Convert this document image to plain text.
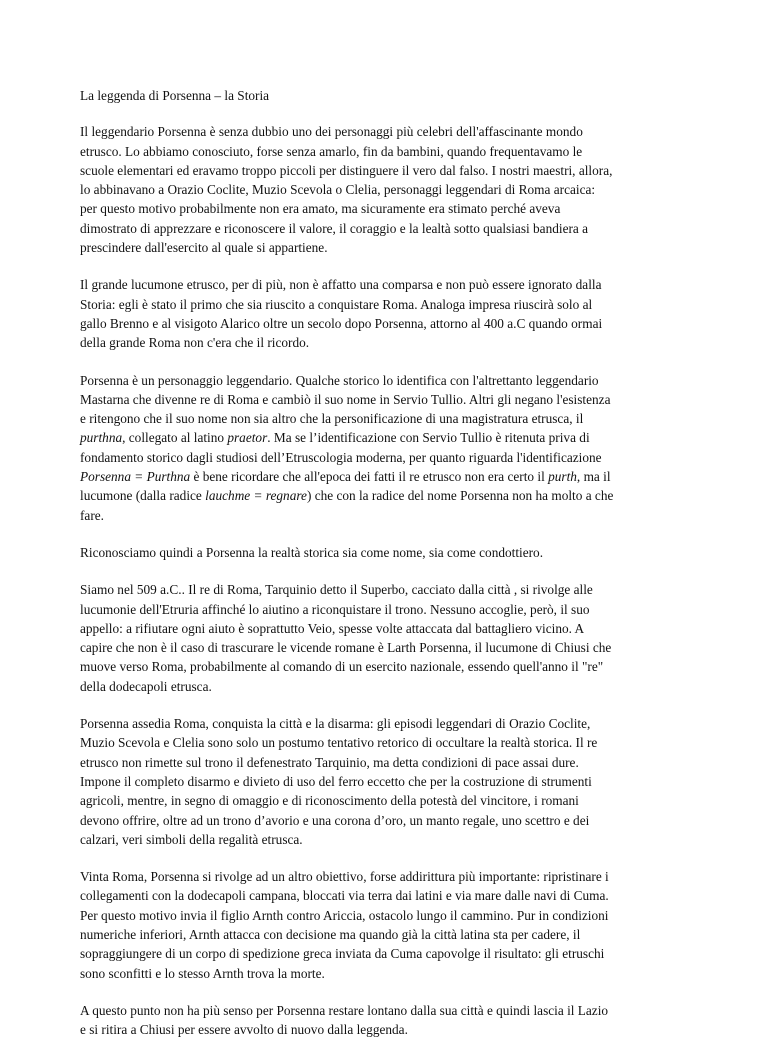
La leggenda di Porsenna – la Storia

Il leggendario Porsenna è senza dubbio uno dei personaggi più celebri dell'affascinante mondo
etrusco. Lo abbiamo conosciuto, forse senza amarlo, fin da bambini, quando frequentavamo le
scuole elementari ed eravamo troppo piccoli per distinguere il vero dal falso. I nostri maestri, allora,
lo abbinavano a Orazio Coclite, Muzio Scevola o Clelia, personaggi leggendari di Roma arcaica:
per questo motivo probabilmente non era amato, ma sicuramente era stimato perché aveva
dimostrato di apprezzare e riconoscere il valore, il coraggio e la lealtà sotto qualsiasi bandiera a
prescindere dall'esercito al quale si appartiene.

Il grande lucumone etrusco, per di più, non è affatto una comparsa e non può essere ignorato dalla
Storia: egli è stato il primo che sia riuscito a conquistare Roma. Analoga impresa riuscirà solo al
gallo Brenno e al visigoto Alarico oltre un secolo dopo Porsenna, attorno al 400 a.C quando ormai
della grande Roma non c'era che il ricordo.

Porsenna è un personaggio leggendario. Qualche storico lo identifica con l'altrettanto leggendario
Mastarna che divenne re di Roma e cambiò il suo nome in Servio Tullio. Altri gli negano l'esistenza
e ritengono che il suo nome non sia altro che la personificazione di una magistratura etrusca, il
purthna, collegato al latino praetor. Ma se l’identificazione con Servio Tullio è ritenuta priva di
fondamento storico dagli studiosi dell’Etruscologia moderna, per quanto riguarda l'identificazione
Porsenna = Purthna è bene ricordare che all'epoca dei fatti il re etrusco non era certo il purth, ma il
lucumone (dalla radice lauchme = regnare) che con la radice del nome Porsenna non ha molto a che
fare.

Riconosciamo quindi a Porsenna la realtà storica sia come nome, sia come condottiero.

Siamo nel 509 a.C.. Il re di Roma, Tarquinio detto il Superbo, cacciato dalla città , si rivolge alle
lucumonie dell'Etruria affinché lo aiutino a riconquistare il trono. Nessuno accoglie, però, il suo
appello: a rifiutare ogni aiuto è soprattutto Veio, spesse volte attaccata dal battagliero vicino. A
capire che non è il caso di trascurare le vicende romane è Larth Porsenna, il lucumone di Chiusi che
muove verso Roma, probabilmente al comando di un esercito nazionale, essendo quell'anno il "re"
della dodecapoli etrusca.

Porsenna assedia Roma, conquista la città e la disarma: gli episodi leggendari di Orazio Coclite,
Muzio Scevola e Clelia sono solo un postumo tentativo retorico di occultare la realtà storica. Il re
etrusco non rimette sul trono il defenestrato Tarquinio, ma detta condizioni di pace assai dure.
Impone il completo disarmo e divieto di uso del ferro eccetto che per la costruzione di strumenti
agricoli, mentre, in segno di omaggio e di riconoscimento della potestà del vincitore, i romani
devono offrire, oltre ad un trono d’avorio e una corona d’oro, un manto regale, uno scettro e dei
calzari, veri simboli della regalità etrusca.

Vinta Roma, Porsenna si rivolge ad un altro obiettivo, forse addirittura più importante: ripristinare i
collegamenti con la dodecapoli campana, bloccati via terra dai latini e via mare dalle navi di Cuma.
Per questo motivo invia il figlio Arnth contro Ariccia, ostacolo lungo il cammino. Pur in condizioni
numeriche inferiori, Arnth attacca con decisione ma quando già la città latina sta per cadere, il
sopraggiungere di un corpo di spedizione greca inviata da Cuma capovolge il risultato: gli etruschi
sono sconfitti e lo stesso Arnth trova la morte.

A questo punto non ha più senso per Porsenna restare lontano dalla sua città e quindi lascia il Lazio
e si ritira a Chiusi per essere avvolto di nuovo dalla leggenda.
